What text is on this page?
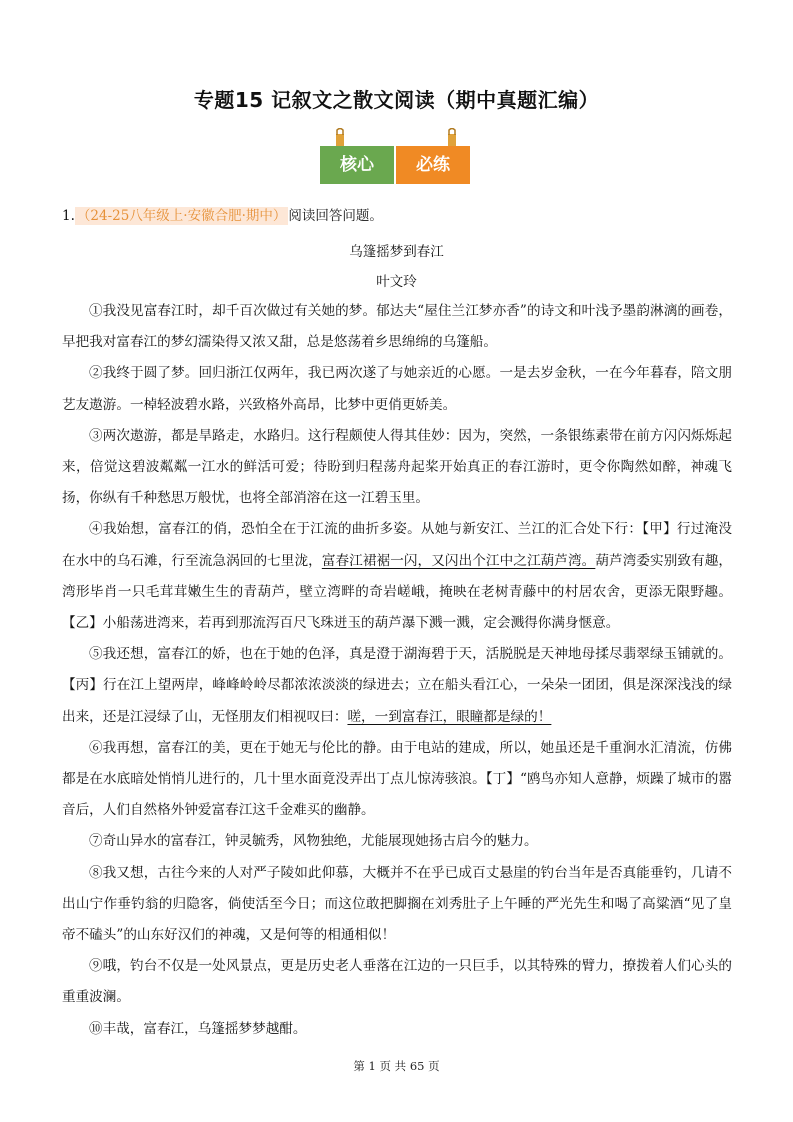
专题15 记叙文之散文阅读（期中真题汇编）
核心	必练
1. （24-25八年级上·安徽合肥·期中） 阅读回答问题。
乌篷摇梦到春江
叶文玲

①我没见富春江时，却千百次做过有关她的梦。郁达夫“屋住兰江梦亦香”的诗文和叶浅予墨韵淋漓的画卷，早把我对富春江的梦幻濡染得又浓又甜，总是悠荡着乡思绵绵的乌篷船。

②我终于圆了梦。回归浙江仅两年，我已两次遂了与她亲近的心愿。一是去岁金秋，一在今年暮春，陪文朋艺友遨游。一棹轻波碧水路，兴致格外高昂，比梦中更俏更娇美。

③两次遨游，都是旱路走，水路归。这行程颇使人得其佳妙：因为，突然，一条银练素带在前方闪闪烁烁起来，倍觉这碧波粼粼一江水的鲜活可爱；待盼到归程荡舟起桨开始真正的春江游时，更令你陶然如醉，神魂飞扬，你纵有千种愁思万般忧，也将全部消溶在这一江碧玉里。

④我始想，富春江的俏，恐怕全在于江流的曲折多姿。从她与新安江、兰江的汇合处下行：【甲】行过淹没在水中的乌石滩，行至流急涡回的七里泷，富春江裙裾一闪，又闪出个江中之江葫芦湾。葫芦湾委实别致有趣，湾形毕肖一只毛茸茸嫩生生的青葫芦，壁立湾畔的奇岩嵯峨，掩映在老树青藤中的村居农舍，更添无限野趣。【乙】小船荡进湾来，若再到那流泻百尺飞珠迸玉的葫芦瀑下溅一溅，定会溅得你满身惬意。

⑤我还想，富春江的娇，也在于她的色泽，真是澄于湖海碧于天，活脱脱是天神地母揉尽翡翠绿玉铺就的。【丙】行在江上望两岸，峰峰岭岭尽都浓浓淡淡的绿进去；立在船头看江心，一朵朵一团团，俱是深深浅浅的绿出来，还是江浸绿了山，无怪朋友们相视叹曰：嗟，一到富春江，眼瞳都是绿的！

⑥我再想，富春江的美，更在于她无与伦比的静。由于电站的建成，所以，她虽还是千重涧水汇清流，仿佛都是在水底暗处悄悄儿进行的，几十里水面竟没弄出丁点儿惊涛骇浪。【丁】“鸥鸟亦知人意静，烦躁了城市的嚣音后，人们自然格外钟爱富春江这千金难买的幽静。

⑦奇山异水的富春江，钟灵毓秀，风物独绝，尤能展现她扬古启今的魅力。

⑧我又想，古往今来的人对严子陵如此仰慕，大概并不在乎已成百丈悬崖的钓台当年是否真能垂钓，几请不出山宁作垂钓翁的归隐客，倘使活至今日；而这位敢把脚搁在刘秀肚子上午睡的严光先生和喝了高粱酒“见了皇帝不磕头”的山东好汉们的神魂，又是何等的相通相似！

⑨哦，钓台不仅是一处风景点，更是历史老人垂落在江边的一只巨手，以其特殊的臂力，撩拨着人们心头的重重波澜。

⑩丰哉，富春江，乌篷摇梦梦越酣。

第 1 页 共 65 页
